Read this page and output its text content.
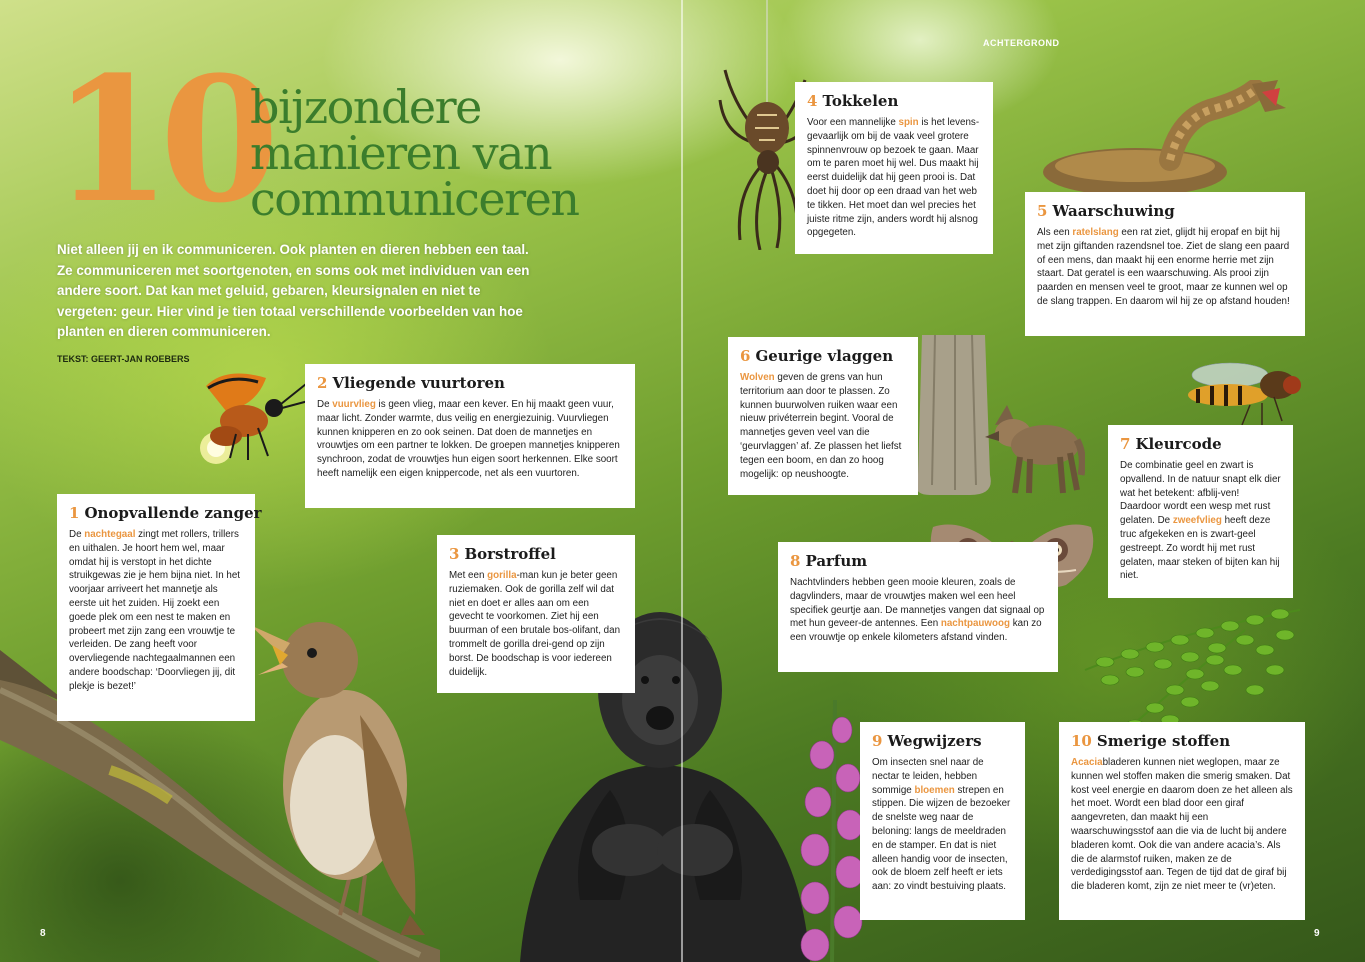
ACHTERGROND
10
bijzondere
manieren van
communiceren
Niet alleen jij en ik communiceren. Ook planten en dieren hebben een taal. Ze communiceren met soortgenoten, en soms ook met individuen van een andere soort. Dat kan met geluid, gebaren, kleursignalen en niet te vergeten: geur. Hier vind je tien totaal verschillende voorbeelden van hoe planten en dieren communiceren.
TEKST: GEERT-JAN ROEBERS
1 Onopvallende zanger

De nachtegaal zingt met rollers, trillers en uithalen. Je hoort hem wel, maar omdat hij is verstopt in het dichte struikgewas zie je hem bijna niet. In het voorjaar arriveert het mannetje als eerste uit het zuiden. Hij zoekt een goede plek om een nest te maken en probeert met zijn zang een vrouwtje te verleiden. De zang heeft voor overvliegende nachtegaalmannen een andere boodschap: ‘Doorvliegen jij, dit plekje is bezet!’

2 Vliegende vuurtoren

De vuurvlieg is geen vlieg, maar een kever. En hij maakt geen vuur, maar licht. Zonder warmte, dus veilig en energiezuinig. Vuurvliegen kunnen knipperen en zo ook seinen. Dat doen de mannetjes en vrouwtjes om een partner te lokken. De groepen mannetjes knipperen synchroon, zodat de vrouwtjes hun eigen soort herkennen. Elke soort heeft namelijk een eigen knippercode, net als een vuurtoren.

3 Borstroffel

Met een gorilla-man kun je beter geen ruziemaken. Ook de gorilla zelf wil dat niet en doet er alles aan om een gevecht te voorkomen. Ziet hij een buurman of een brutale bos-olifant, dan trommelt de gorilla drei-gend op zijn borst. De boodschap is voor iedereen duidelijk.

4 Tokkelen

Voor een mannelijke spin is het levens-gevaarlijk om bij de vaak veel grotere spinnenvrouw op bezoek te gaan. Maar om te paren moet hij wel. Dus maakt hij eerst duidelijk dat hij geen prooi is. Dat doet hij door op een draad van het web te tikken. Het moet dan wel precies het juiste ritme zijn, anders wordt hij alsnog opgegeten.

5 Waarschuwing

Als een ratelslang een rat ziet, glijdt hij eropaf en bijt hij met zijn giftanden razendsnel toe. Ziet de slang een paard of een mens, dan maakt hij een enorme herrie met zijn staart. Dat geratel is een waarschuwing. Als prooi zijn paarden en mensen veel te groot, maar ze kunnen wel op de slang trappen. En daarom wil hij ze op afstand houden!

6 Geurige vlaggen

Wolven geven de grens van hun territorium aan door te plassen. Zo kunnen buurwolven ruiken waar een nieuw privéterrein begint. Vooral de mannetjes geven veel van die ‘geurvlaggen’ af. Ze plassen het liefst tegen een boom, en dan zo hoog mogelijk: op neushoogte.

7 Kleurcode

De combinatie geel en zwart is opvallend. In de natuur snapt elk dier wat het betekent: afblij-ven! Daardoor wordt een wesp met rust gelaten. De zweefvlieg heeft deze truc afgekeken en is zwart-geel gestreept. Zo wordt hij met rust gelaten, maar steken of bijten kan hij niet.

8 Parfum

Nachtvlinders hebben geen mooie kleuren, zoals de dagvlinders, maar de vrouwtjes maken wel een heel specifiek geurtje aan. De mannetjes vangen dat signaal op met hun geveer-de antennes. Een nachtpauwoog kan zo een vrouwtje op enkele kilometers afstand vinden.

9 Wegwijzers

Om insecten snel naar de nectar te leiden, hebben sommige bloemen strepen en stippen. Die wijzen de bezoeker de snelste weg naar de beloning: langs de meeldraden en de stamper. En dat is niet alleen handig voor de insecten, ook de bloem zelf heeft er iets aan: zo vindt bestuiving plaats.

10 Smerige stoffen

Acaciabladeren kunnen niet weglopen, maar ze kunnen wel stoffen maken die smerig smaken. Dat kost veel energie en daarom doen ze het alleen als het moet. Wordt een blad door een giraf aangevreten, dan maakt hij een waarschuwingsstof aan die via de lucht bij andere bladeren komt. Ook die van andere acacia’s. Als die de alarmstof ruiken, maken ze de verdedigingsstof aan. Tegen de tijd dat de giraf bij die bladeren komt, zijn ze niet meer te (vr)eten.

8	9
